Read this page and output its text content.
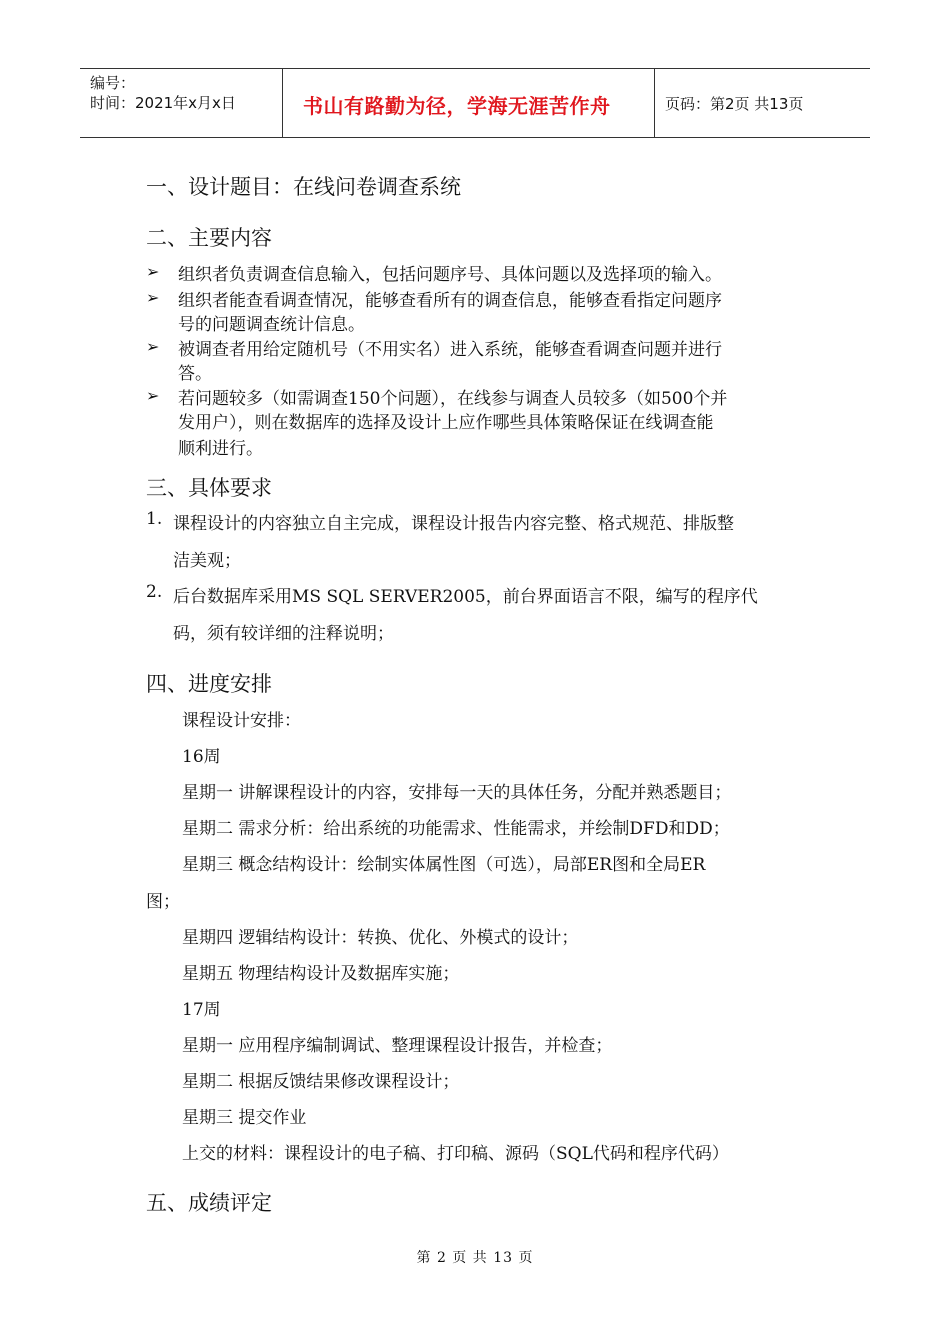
编号：
时间：2021年x月x日	书山有路勤为径，学海无涯苦作舟	页码：第2页 共13页
一、设计题目：在线问卷调查系统
二、主要内容
➢ 组织者负责调查信息输入，包括问题序号、具体问题以及选择项的输入。
➢ 组织者能查看调查情况，能够查看所有的调查信息，能够查看指定问题序
号的问题调查统计信息。
➢ 被调查者用给定随机号（不用实名）进入系统，能够查看调查问题并进行
答。
➢ 若问题较多（如需调查150个问题），在线参与调查人员较多（如500个并
发用户），则在数据库的选择及设计上应作哪些具体策略保证在线调查能
顺利进行。
三、具体要求
1. 课程设计的内容独立自主完成，课程设计报告内容完整、格式规范、排版整
洁美观；
2. 后台数据库采用MS SQL SERVER2005，前台界面语言不限，编写的程序代
码，须有较详细的注释说明；
四、进度安排
课程设计安排：
16周
星期一 讲解课程设计的内容，安排每一天的具体任务，分配并熟悉题目；
星期二 需求分析：给出系统的功能需求、性能需求，并绘制DFD和DD；
星期三 概念结构设计：绘制实体属性图（可选），局部ER图和全局ER
图；
星期四 逻辑结构设计：转换、优化、外模式的设计；
星期五 物理结构设计及数据库实施；
17周
星期一 应用程序编制调试、整理课程设计报告，并检查；
星期二 根据反馈结果修改课程设计；
星期三 提交作业
上交的材料：课程设计的电子稿、打印稿、源码（SQL代码和程序代码）
五、成绩评定
第 2 页 共 13 页
